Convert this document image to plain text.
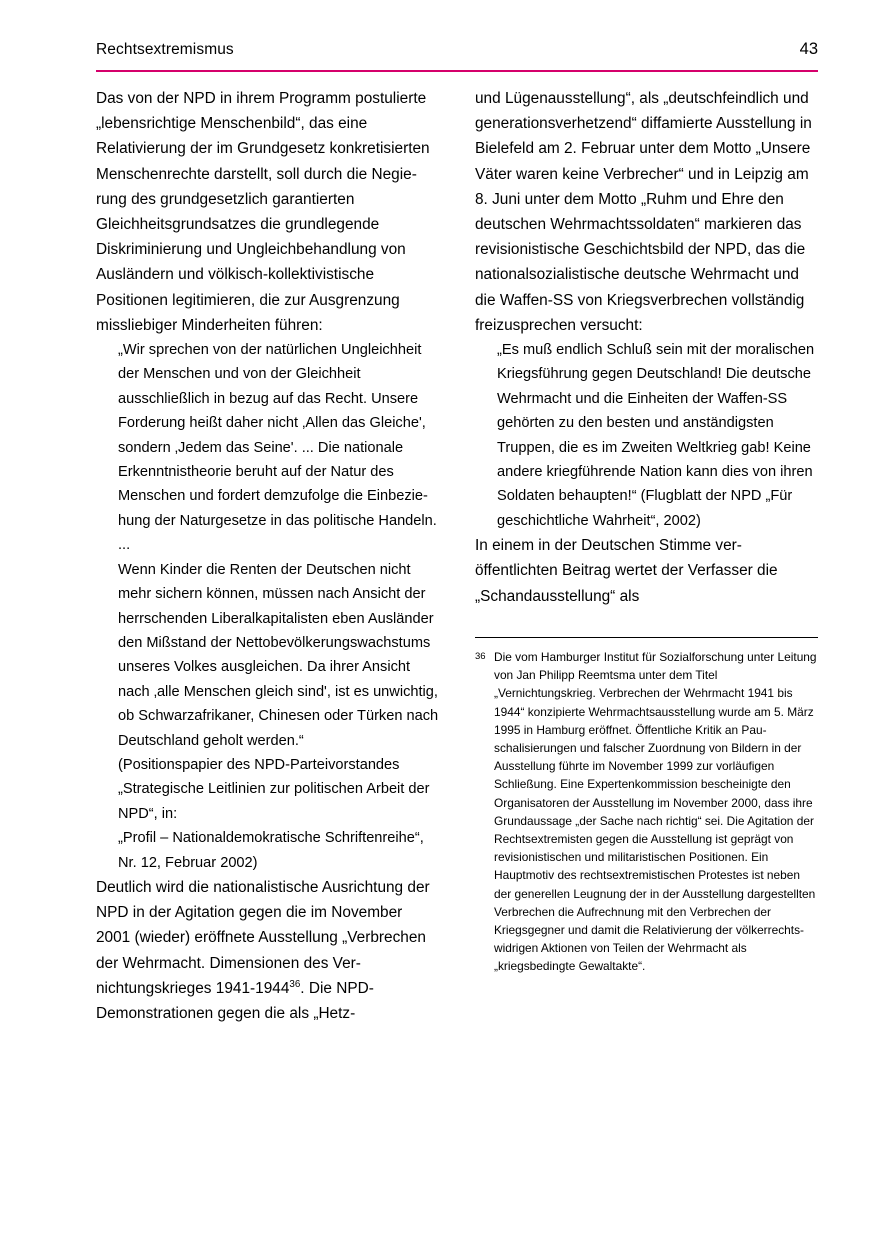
Rechtsextremismus	43

Das von der NPD in ihrem Programm postulierte „lebensrichtige Menschenbild“, das eine Relativierung der im Grundgesetz konkretisierten Menschenrechte darstellt, soll durch die Negierung des grundgesetzlich garantierten Gleichheitsgrundsatzes die grundlegende Diskriminierung und Ungleichbehandlung von Ausländern und völkisch-kollektivistische Positionen legitimieren, die zur Ausgrenzung missliebiger Minderheiten führen:

„Wir sprechen von der natürlichen Ungleichheit der Menschen und von der Gleichheit ausschließlich in bezug auf das Recht. Unsere Forderung heißt daher nicht ‚Allen das Gleiche', sondern ‚Jedem das Seine'. ... Die nationale Erkenntnistheorie beruht auf der Natur des Menschen und fordert demzufolge die Einbeziehung der Naturgesetze in das politische Handeln. ...

Wenn Kinder die Renten der Deutschen nicht mehr sichern können, müssen nach Ansicht der herrschenden Liberalkapitalisten eben Ausländer den Mißstand der Nettobevölkerungswachstums unseres Volkes ausgleichen. Da ihrer Ansicht nach ‚alle Menschen gleich sind', ist es unwichtig, ob Schwarzafrikaner, Chinesen oder Türken nach Deutschland geholt werden.“

(Positionspapier des NPD-Parteivorstandes „Strategische Leitlinien zur politischen Arbeit der NPD“, in:

„Profil – Nationaldemokratische Schriftenreihe“, Nr. 12, Februar 2002)

Deutlich wird die nationalistische Ausrichtung der NPD in der Agitation gegen die im November 2001 (wieder) eröffnete Ausstellung „Verbrechen der Wehrmacht. Dimensionen des Vernichtungskrieges 1941-1944$^{36}$. Die NPD-Demonstrationen gegen die als „Hetz-

und Lügenausstellung“, als „deutschfeindlich und generationsverhetzend“ diffamierte Ausstellung in Bielefeld am 2. Februar unter dem Motto „Unsere Väter waren keine Verbrecher“ und in Leipzig am 8. Juni unter dem Motto „Ruhm und Ehre den deutschen Wehrmachtssoldaten“ markieren das revisionistische Geschichtsbild der NPD, das die nationalsozialistische deutsche Wehrmacht und die Waffen-SS von Kriegsverbrechen vollständig freizusprechen versucht:

„Es muß endlich Schluß sein mit der moralischen Kriegsführung gegen Deutschland! Die deutsche Wehrmacht und die Einheiten der Waffen-SS gehörten zu den besten und anständigsten Truppen, die es im Zweiten Weltkrieg gab! Keine andere kriegführende Nation kann dies von ihren Soldaten behaupten!“ (Flugblatt der NPD „Für geschichtliche Wahrheit“, 2002)

In einem in der Deutschen Stimme veröffentlichten Beitrag wertet der Verfasser die „Schandausstellung“ als

36 Die vom Hamburger Institut für Sozialforschung unter Leitung von Jan Philipp Reemtsma unter dem Titel „Vernichtungskrieg. Verbrechen der Wehrmacht 1941 bis 1944“ konzipierte Wehrmachtsausstellung wurde am 5. März 1995 in Hamburg eröffnet. Öffentliche Kritik an Pauschalisierungen und falscher Zuordnung von Bildern in der Ausstellung führte im November 1999 zur vorläufigen Schließung. Eine Expertenkommission bescheinigte den Organisatoren der Ausstellung im November 2000, dass ihre Grundaussage „der Sache nach richtig“ sei. Die Agitation der Rechtsextremisten gegen die Ausstellung ist geprägt von revisionistischen und militaristischen Positionen. Ein Hauptmotiv des rechtsextremistischen Protestes ist neben der generellen Leugnung der in der Ausstellung dargestellten Verbrechen die Aufrechnung mit den Verbrechen der Kriegsgegner und damit die Relativierung der völkerrechtswidrigen Aktionen von Teilen der Wehrmacht als „kriegsbedingte Gewaltakte“.
